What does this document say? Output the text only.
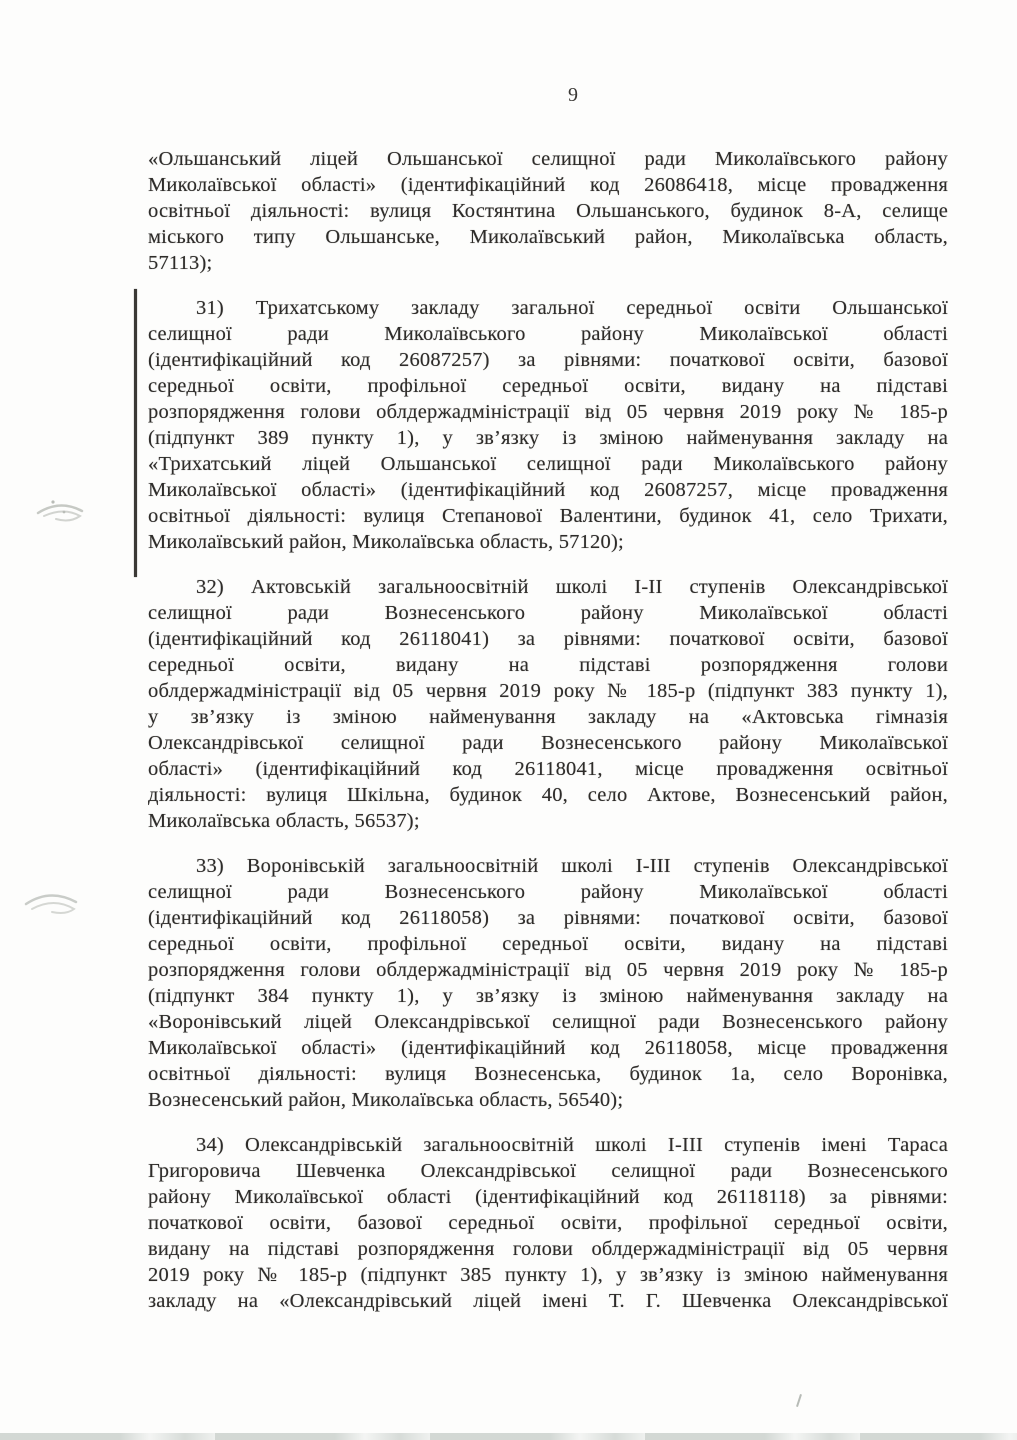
9
«Ольшанський ліцей Ольшанської селищної ради Миколаївського району
Миколаївської області» (ідентифікаційний код 26086418, місце провадження
освітньої діяльності: вулиця Костянтина Ольшанського, будинок 8-А, селище
міського типу Ольшанське, Миколаївський район, Миколаївська область,
57113);
31) Трихатському закладу загальної середньої освіти Ольшанської
селищної ради Миколаївського району Миколаївської області
(ідентифікаційний код 26087257) за рівнями: початкової освіти, базової
середньої освіти, профільної середньої освіти, видану на підставі
розпорядження голови облдержадміністрації від 05 червня 2019 року № 185-р
(підпункт 389 пункту 1), у зв’язку із зміною найменування закладу на
«Трихатський ліцей Ольшанської селищної ради Миколаївського району
Миколаївської області» (ідентифікаційний код 26087257, місце провадження
освітньої діяльності: вулиця Степанової Валентини, будинок 41, село Трихати,
Миколаївський район, Миколаївська область, 57120);
32) Актовській загальноосвітній школі І-ІІ ступенів Олександрівської
селищної ради Вознесенського району Миколаївської області
(ідентифікаційний код 26118041) за рівнями: початкової освіти, базової
середньої освіти, видану на підставі розпорядження голови
облдержадміністрації від 05 червня 2019 року № 185-р (підпункт 383 пункту 1),
у зв’язку із зміною найменування закладу на «Актовська гімназія
Олександрівської селищної ради Вознесенського району Миколаївської
області» (ідентифікаційний код 26118041, місце провадження освітньої
діяльності: вулиця Шкільна, будинок 40, село Актове, Вознесенський район,
Миколаївська область, 56537);
33) Воронівській загальноосвітній школі І-ІІІ ступенів Олександрівської
селищної ради Вознесенського району Миколаївської області
(ідентифікаційний код 26118058) за рівнями: початкової освіти, базової
середньої освіти, профільної середньої освіти, видану на підставі
розпорядження голови облдержадміністрації від 05 червня 2019 року № 185-р
(підпункт 384 пункту 1), у зв’язку із зміною найменування закладу на
«Воронівський ліцей Олександрівської селищної ради Вознесенського району
Миколаївської області» (ідентифікаційний код 26118058, місце провадження
освітньої діяльності: вулиця Вознесенська, будинок 1а, село Воронівка,
Вознесенський район, Миколаївська область, 56540);
34) Олександрівській загальноосвітній школі І-ІІІ ступенів імені Тараса
Григоровича Шевченка Олександрівської селищної ради Вознесенського
району Миколаївської області (ідентифікаційний код 26118118) за рівнями:
початкової освіти, базової середньої освіти, профільної середньої освіти,
видану на підставі розпорядження голови облдержадміністрації від 05 червня
2019 року № 185-р (підпункт 385 пункту 1), у зв’язку із зміною найменування
закладу на «Олександрівський ліцей імені Т. Г. Шевченка Олександрівської
